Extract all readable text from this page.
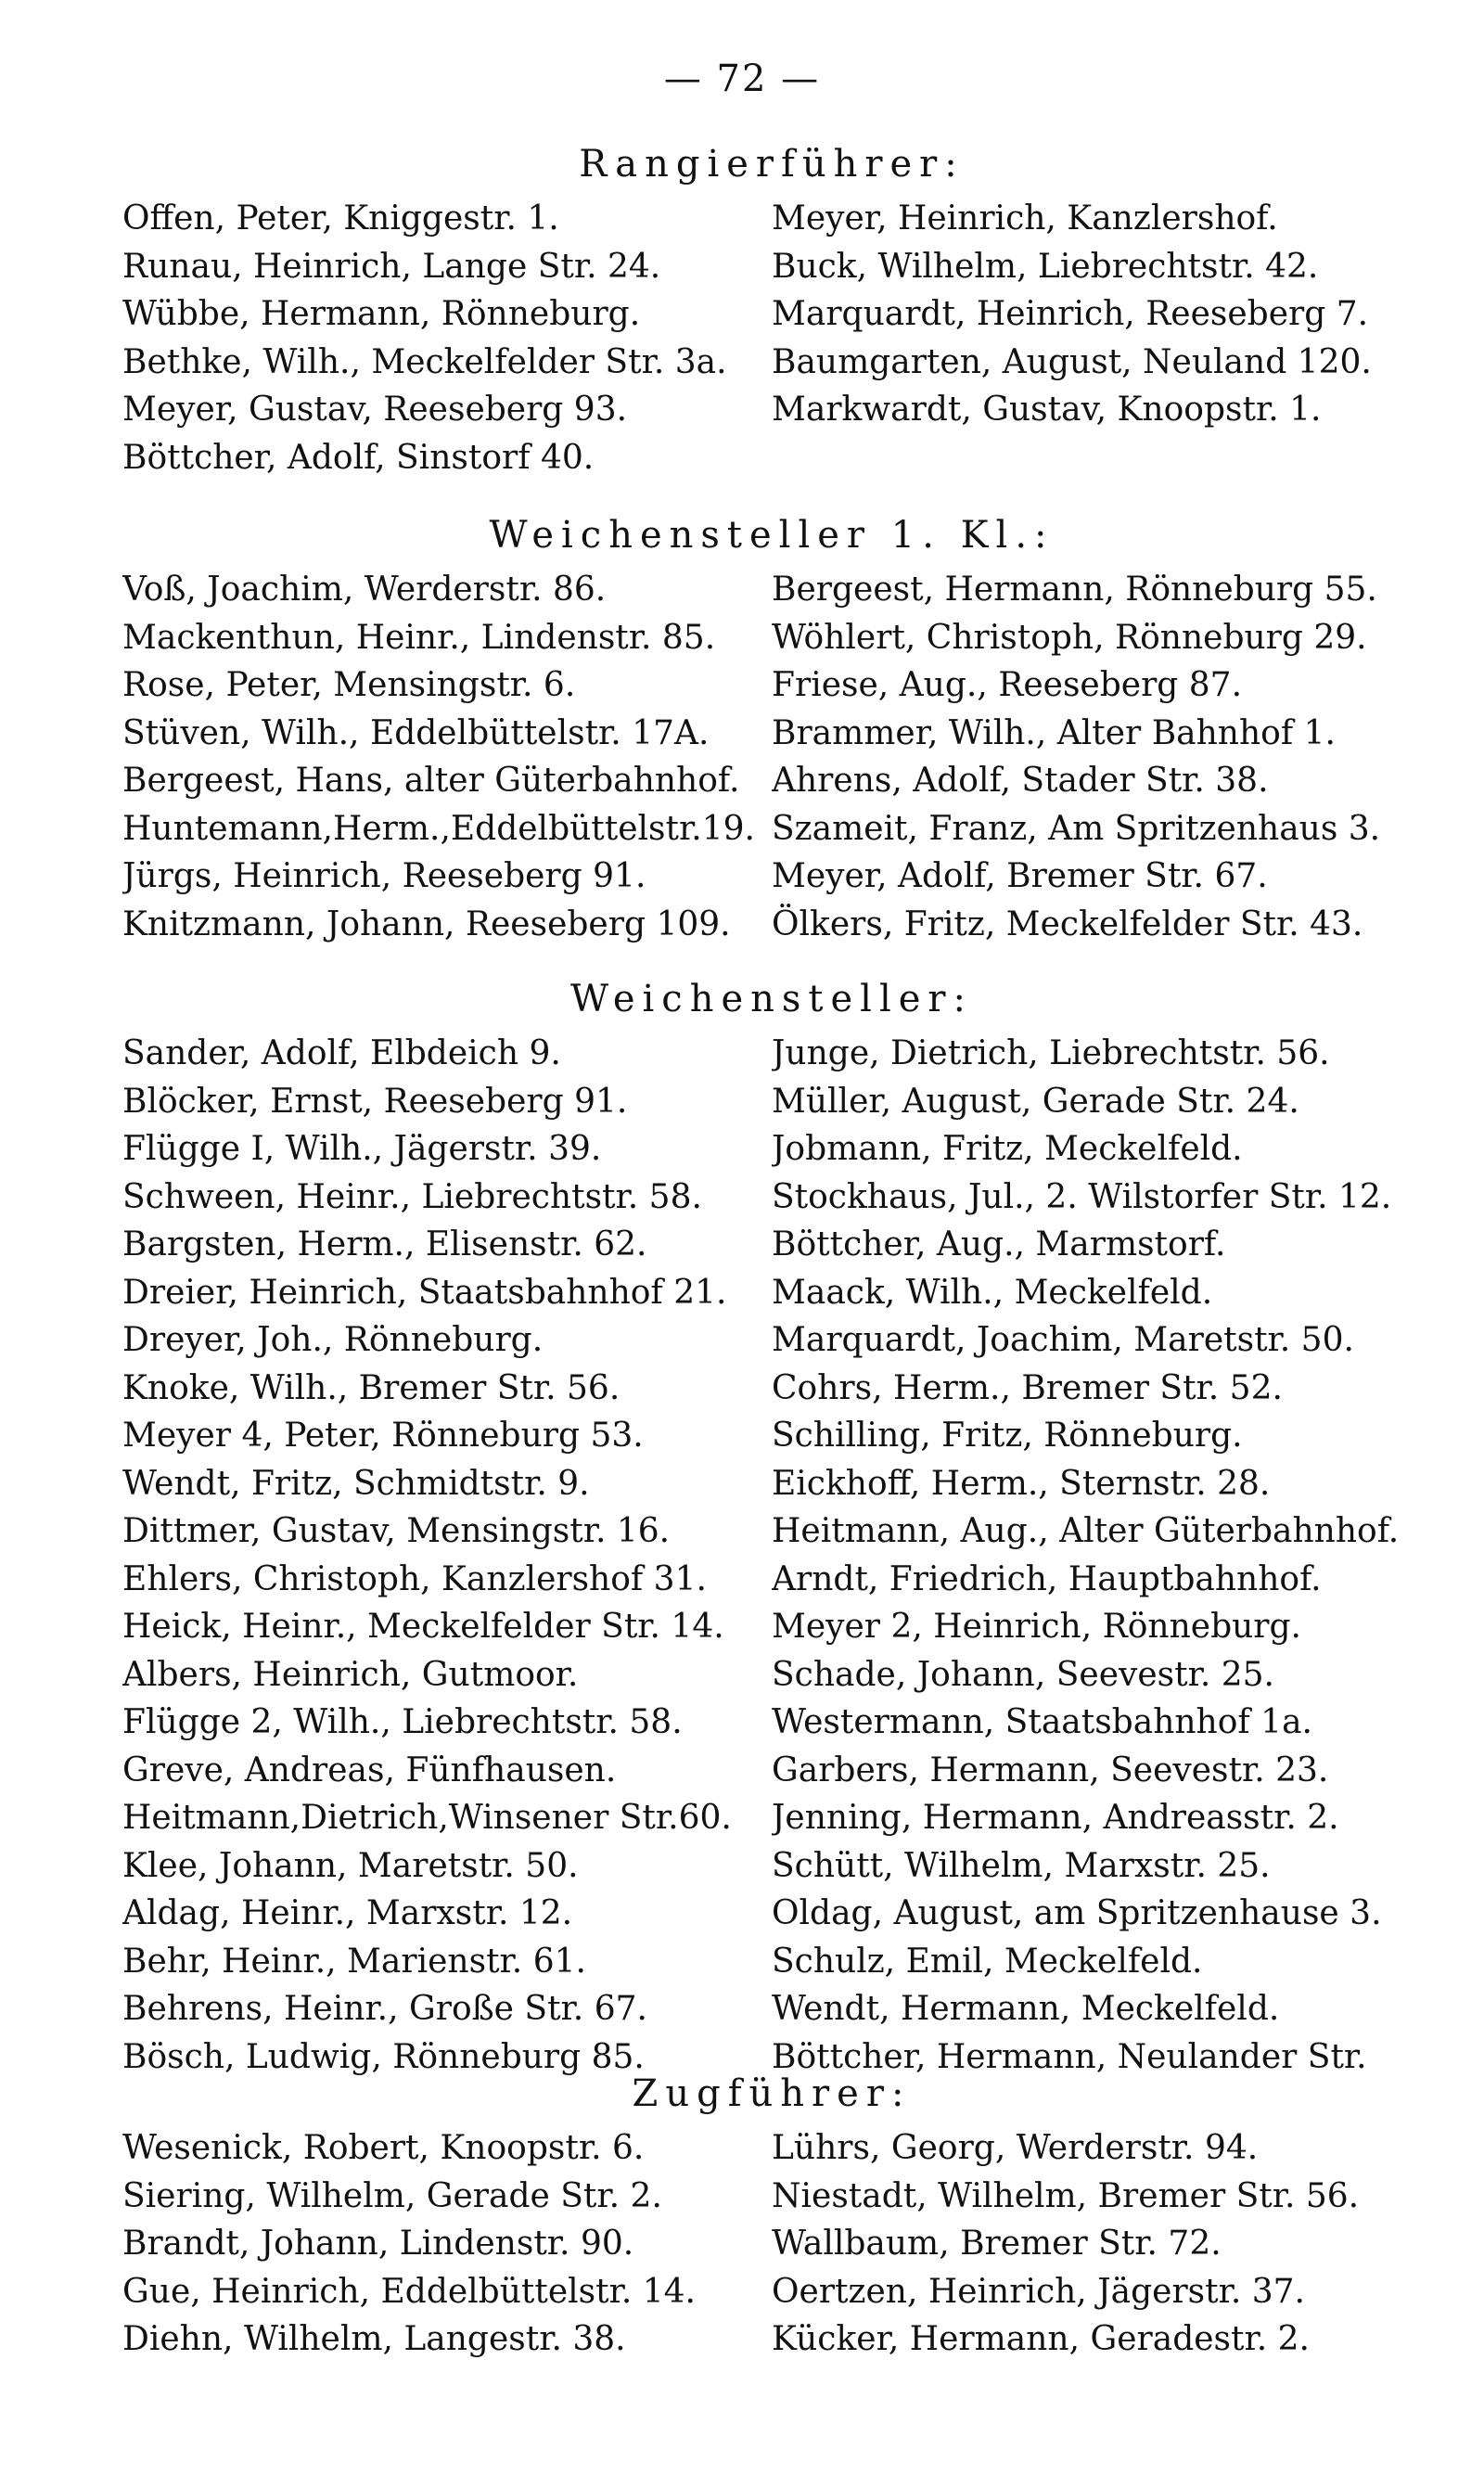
— 72 —
Rangierführer:
Offen, Peter, Kniggestr. 1.	Meyer, Heinrich, Kanzlershof.
Runau, Heinrich, Lange Str. 24.	Buck, Wilhelm, Liebrechtstr. 42.
Wübbe, Hermann, Rönneburg.	Marquardt, Heinrich, Reeseberg 7.
Bethke, Wilh., Meckelfelder Str. 3a.	Baumgarten, August, Neuland 120.
Meyer, Gustav, Reeseberg 93.	Markwardt, Gustav, Knoopstr. 1.
Böttcher, Adolf, Sinstorf 40.
Weichensteller 1. Kl.:
Voß, Joachim, Werderstr. 86.	Bergeest, Hermann, Rönneburg 55.
Mackenthun, Heinr., Lindenstr. 85.	Wöhlert, Christoph, Rönneburg 29.
Rose, Peter, Mensingstr. 6.	Friese, Aug., Reeseberg 87.
Stüven, Wilh., Eddelbüttelstr. 17A.	Brammer, Wilh., Alter Bahnhof 1.
Bergeest, Hans, alter Güterbahnhof. Ahrens, Adolf, Stader Str. 38.
Huntemann,Herm.,Eddelbüttelstr.19. Szameit, Franz, Am Spritzenhaus 3.
Jürgs, Heinrich, Reeseberg 91.	Meyer, Adolf, Bremer Str. 67.
Knitzmann, Johann, Reeseberg 109.	Ölkers, Fritz, Meckelfelder Str. 43.
Weichensteller:
Sander, Adolf, Elbdeich 9.	Junge, Dietrich, Liebrechtstr. 56.
Blöcker, Ernst, Reeseberg 91.	Müller, August, Gerade Str. 24.
Flügge I, Wilh., Jägerstr. 39.	Jobmann, Fritz, Meckelfeld.
Schween, Heinr., Liebrechtstr. 58.	Stockhaus, Jul., 2. Wilstorfer Str. 12.
Bargsten, Herm., Elisenstr. 62.	Böttcher, Aug., Marmstorf.
Dreier, Heinrich, Staatsbahnhof 21.	Maack, Wilh., Meckelfeld.
Dreyer, Joh., Rönneburg.	Marquardt, Joachim, Maretstr. 50.
Knoke, Wilh., Bremer Str. 56.	Cohrs, Herm., Bremer Str. 52.
Meyer 4, Peter, Rönneburg 53.	Schilling, Fritz, Rönneburg.
Wendt, Fritz, Schmidtstr. 9.	Eickhoff, Herm., Sternstr. 28.
Dittmer, Gustav, Mensingstr. 16.	Heitmann, Aug., Alter Güterbahnhof.
Ehlers, Christoph, Kanzlershof 31.	Arndt, Friedrich, Hauptbahnhof.
Heick, Heinr., Meckelfelder Str. 14.	Meyer 2, Heinrich, Rönneburg.
Albers, Heinrich, Gutmoor.	Schade, Johann, Seevestr. 25.
Flügge 2, Wilh., Liebrechtstr. 58.	Westermann, Staatsbahnhof 1a.
Greve, Andreas, Fünfhausen.	Garbers, Hermann, Seevestr. 23.
Heitmann,Dietrich,Winsener Str.60.	Jenning, Hermann, Andreasstr. 2.
Klee, Johann, Maretstr. 50.	Schütt, Wilhelm, Marxstr. 25.
Aldag, Heinr., Marxstr. 12.	Oldag, August, am Spritzenhause 3.
Behr, Heinr., Marienstr. 61.	Schulz, Emil, Meckelfeld.
Behrens, Heinr., Große Str. 67.	Wendt, Hermann, Meckelfeld.
Bösch, Ludwig, Rönneburg 85.	Böttcher, Hermann, Neulander Str.
Zugführer:
Wesenick, Robert, Knoopstr. 6.	Lührs, Georg, Werderstr. 94.
Siering, Wilhelm, Gerade Str. 2.	Niestadt, Wilhelm, Bremer Str. 56.
Brandt, Johann, Lindenstr. 90.	Wallbaum, Bremer Str. 72.
Gue, Heinrich, Eddelbüttelstr. 14.	Oertzen, Heinrich, Jägerstr. 37.
Diehn, Wilhelm, Langestr. 38.	Kücker, Hermann, Geradestr. 2.
